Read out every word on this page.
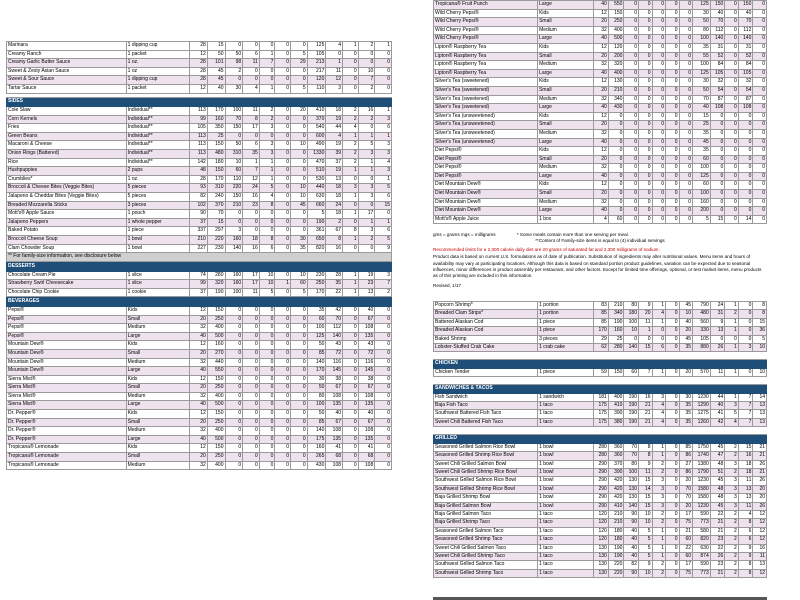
Marinara	1 dipping cup	28	15	0	0	0	0	0	125	4	1	2	1
Creamy Ranch	1 packet	12	50	50	6	1	0	5	105	0	0	0	0
Creamy Garlic Butter Sauce	1 oz.	28	101	98	11	7	0	29	213	1	0	0	0
Sweet & Zesty Asian Sauce	1 oz	28	45	2	0	0	0	0	217	11	0	10	0
Sweet & Sour Sauce	1 dipping cup	28	45	0	0	0	0	0	120	12	0	7	0
Tartar Sauce	1 packet	12	40	30	4	1	0	5	110	3	0	2	0

SIDES													
Cole Slaw	Individual**	113	170	100	11	2	0	20	410	18	2	16	1
Corn Kernels	Individual**	99	160	70	8	2	0	0	370	19	2	2	3
Fries	Individual**	105	350	150	17	3	0	0	540	44	4	0	6
Green Beans	Individual**	113	25	0	0	0	0	0	600	4	1	1	1
Macaroni & Cheese	Individual**	113	150	50	6	3	0	10	490	19	2	5	3
Onion Rings (Battered)	Individual**	113	480	310	35	3	0	0	1330	39	2	3	3
Rice	Individual**	142	180	10	1	1	0	0	470	37	2	1	4
Hushpuppies	2 pups	48	150	60	7	1	0	0	510	19	1	1	3
Crumblies*	1 oz.	28	170	110	12	1	0	0	530	13	0	0	1
Broccoli & Cheese Bites (Veggie Bites)	5 pieces	93	310	220	24	5	0	10	440	18	3	3	5
Jalapeno & Cheddar Bites (Veggie Bites)	5 pieces	82	240	150	16	4	0	10	630	18	1	3	6
Breaded Mozzarella Sticks	3 pieces	102	370	210	23	8	0	45	660	24	0	0	15
Mott's® Apple Sauce	1 pouch	90	70	0	0	0	0	0	5	18	1	17	0
Jalapeno Peppers	1 whole pepper	37	15	0	0	0	0	0	190	2	0	1	1
Baked Potato	1 piece	337	297	3	0	0	0	0	361	67	8	3	6
Broccoli Cheese Soup	1 bowl	210	220	160	18	8	0	30	650	8	1	2	5
Clam Chowder Soup	1 bowl	227	230	140	16	6	0	35	820	16	0	0	9
** For family-size information, see disclosure below													
DESSERTS													
Chocolate Cream Pie	1 slice	74	280	160	17	10	0	10	230	28	1	19	3
Strawberry Swirl Cheesecake	1 slice	99	320	160	17	10	1	60	250	35	1	23	7
Chocolate Chip Cookie	1 cookie	37	190	100	11	5	0	5	170	22	1	13	2
BEVERAGES													
Pepsi®	Kids	12	150	0	0	0	0	0	35	42	0	40	0
Pepsi®	Small	20	250	0	0	0	0	0	60	70	0	67	0
Pepsi®	Medium	32	400	0	0	0	0	0	100	112	0	108	0
Pepsi®	Large	40	500	0	0	0	0	0	125	140	0	135	0
Mountain Dew®	Kids	12	160	0	0	0	0	0	50	43	0	43	0
Mountain Dew®	Small	20	270	0	0	0	0	0	85	72	0	72	0
Mountain Dew®	Medium	32	440	0	0	0	0	0	140	116	0	116	0
Mountain Dew®	Large	40	550	0	0	0	0	0	170	145	0	145	0
Sierra Mist®	Kids	12	150	0	0	0	0	0	30	38	0	38	0
Sierra Mist®	Small	20	250	0	0	0	0	0	50	67	0	67	0
Sierra Mist®	Medium	32	400	0	0	0	0	0	80	108	0	108	0
Sierra Mist®	Large	40	500	0	0	0	0	0	100	135	0	135	0
Dr. Pepper®	Kids	12	150	0	0	0	0	0	50	40	0	40	0
Dr. Pepper®	Small	20	250	0	0	0	0	0	85	67	0	67	0
Dr. Pepper®	Medium	32	400	0	0	0	0	0	140	108	0	108	0
Dr. Pepper®	Large	40	500	0	0	0	0	0	175	135	0	135	0
Tropicana® Lemonade	Kids	12	150	0	0	0	0	0	160	41	0	41	0
Tropicana® Lemonade	Small	20	250	0	0	0	0	0	265	68	0	68	0
Tropicana® Lemonade	Medium	32	400	0	0	0	0	0	430	108	0	108	0
Tropicana® Fruit Punch	Large	40	550	0	0	0	0	0	125	150	0	150	0
Wild Cherry Pepsi®	Kids	12	150	0	0	0	0	0	30	40	0	40	0
Wild Cherry Pepsi®	Small	20	250	0	0	0	0	0	50	70	0	70	0
Wild Cherry Pepsi®	Medium	32	400	0	0	0	0	0	80	112	0	112	0
Wild Cherry Pepsi®	Large	40	500	0	0	0	0	0	100	140	0	140	0
Lipton® Raspberry Tea	Kids	12	120	0	0	0	0	0	35	31	0	31	0
Lipton® Raspberry Tea	Small	20	200	0	0	0	0	0	55	52	0	52	0
Lipton® Raspberry Tea	Medium	32	320	0	0	0	0	0	100	84	0	84	0
Lipton® Raspberry Tea	Large	40	400	0	0	0	0	0	125	105	0	105	0
Silver's Tea (sweetened)	Kids	12	130	0	0	0	0	0	30	32	0	32	0
Silver's Tea (sweetened)	Small	20	210	0	0	0	0	0	50	54	0	54	0
Silver's Tea (sweetened)	Medium	32	340	0	0	0	0	0	70	87	0	87	0
Silver's Tea (sweetened)	Large	40	430	0	0	0	0	0	40	108	0	108	0
Silver's Tea (unsweetened)	Kids	12	0	0	0	0	0	0	15	0	0	0	0
Silver's Tea (unsweetened)	Small	20	0	0	0	0	0	0	25	0	0	0	0
Silver's Tea (unsweetened)	Medium	32	0	0	0	0	0	0	35	0	0	0	0
Silver's Tea (unsweetened)	Large	40	0	0	0	0	0	0	45	0	0	0	0
Diet Pepsi®	Kids	12	0	0	0	0	0	0	35	0	0	0	0
Diet Pepsi®	Small	20	0	0	0	0	0	0	60	0	0	0	0
Diet Pepsi®	Medium	32	0	0	0	0	0	0	100	0	0	0	0
Diet Pepsi®	Large	40	0	0	0	0	0	0	125	0	0	0	0
Diet Mountain Dew®	Kids	12	0	0	0	0	0	0	60	0	0	0	0
Diet Mountain Dew®	Small	20	0	0	0	0	0	0	100	0	0	0	0
Diet Mountain Dew®	Medium	32	0	0	0	0	0	0	160	0	0	0	0
Diet Mountain Dew®	Large	40	0	0	0	0	0	0	200	0	0	0	0
Mott's® Apple Juice	1 box	4	60	0	0	0	0	0	5	15	0	14	0
gms = grams mgs = milligrams	* Some meals contain more than one serving per meal.
**Content of Family-size items is equal to (4) individual servings
Recommended limits for a 2,000 calorie daily diet are 20 grams of saturated fat and 2,300 milligrams of sodium.
Product data is based on current U.S. formulations as of date of publication. Substitution of ingredients may alter nutritional values. Menu items and hours of availability may vary at participating locations. Although this data is based on standard portion product guidelines, variation can be expected due to seasonal influences, minor differences in product assembly per restaurant, and other factors. Except for limited time offerings, optional, or test market items, menu products as of this printing are included in this information.
Revised, 1/17
Popcorn Shrimp*	1 portion	83	210	80	9	1	0	45	790	24	1	0	8
Breaded Clam Strips*	1 portion	85	340	180	20	4	0	10	480	31	2	0	8
Battered Alaskan Cod	1 piece	85	190	100	11	1	0	40	560	9	1	0	15
Breaded Alaskan Cod	1 piece	170	160	10	1	0	0	20	330	13	1	0	36
Baked Shrimp	3 pieces	29	25	0	0	0	0	45	105	0	0	0	5
Lobster-Stuffed Crab Cake	1 crab cake	62	280	140	15	6	0	35	880	26	1	3	10

CHICKEN													
Chicken Tender	1 piece	59	150	60	7	1	0	20	570	11	1	0	10

SANDWICHES & TACOS													
Fish Sandwich	1 sandwich	181	400	190	16	3	0	30	1230	44	1	7	14
Baja Fish Taco	1 taco	175	410	190	21	4	0	35	1290	40	3	7	13
Southwest Battered Fish Taco	1 taco	175	390	190	21	4	0	35	1275	41	5	7	13
Sweet Chili Battered Fish Taco	1 taco	175	380	190	21	4	0	35	1260	42	4	7	13

GRILLED													
Seasoned Grilled Salmon Rice Bowl	1 bowl	280	360	70	8	1	0	85	1750	45	2	15	21
Seasoned Grilled Shrimp Rice Bowl	1 bowl	280	360	70	8	1	0	86	1740	47	2	16	21
Sweet Chili Grilled Salmon Bowl	1 bowl	290	370	80	9	2	0	27	1380	48	3	18	26
Sweet Chili Grilled Shrimp Rice Bowl	1 bowl	290	390	100	11	2	0	86	1790	51	2	18	21
Southwest Grilled Salmon Rice Bowl	1 bowl	290	420	130	15	3	0	20	1230	45	3	11	26
Southwest Grilled Shrimp Rice Bowl	1 bowl	290	420	130	14	3	0	70	1580	48	3	13	20
Baja Grilled Shrimp Bowl	1 bowl	290	420	130	15	3	0	70	1580	48	3	13	20
Baja Grilled Salmon Bowl	1 bowl	290	410	140	15	3	0	20	1230	45	3	11	26
Baja Grilled Salmon Taco	1 taco	120	210	90	10	2	0	17	590	22	2	4	12
Baja Grilled Shrimp Taco	1 taco	120	210	90	10	2	0	75	773	21	2	8	12
Seasoned Grilled Salmon Taco	1 taco	120	180	40	5	1	0	21	580	21	2	6	12
Seasoned Grilled Shrimp Taco	1 taco	120	180	40	5	1	0	60	820	23	2	6	12
Sweet Chili Grilled Salmon Taco	1 taco	130	190	40	5	1	0	22	630	22	2	9	16
Sweet Chili Grilled Shrimp Taco	1 taco	130	190	40	5	1	0	60	874	26	2	9	11
Southwest Grilled Salmon Taco	1 taco	130	220	82	9	2	0	17	590	23	2	8	13
Southwest Grilled Shrimp Taco	1 taco	130	220	90	10	2	0	75	773	21	2	8	12
